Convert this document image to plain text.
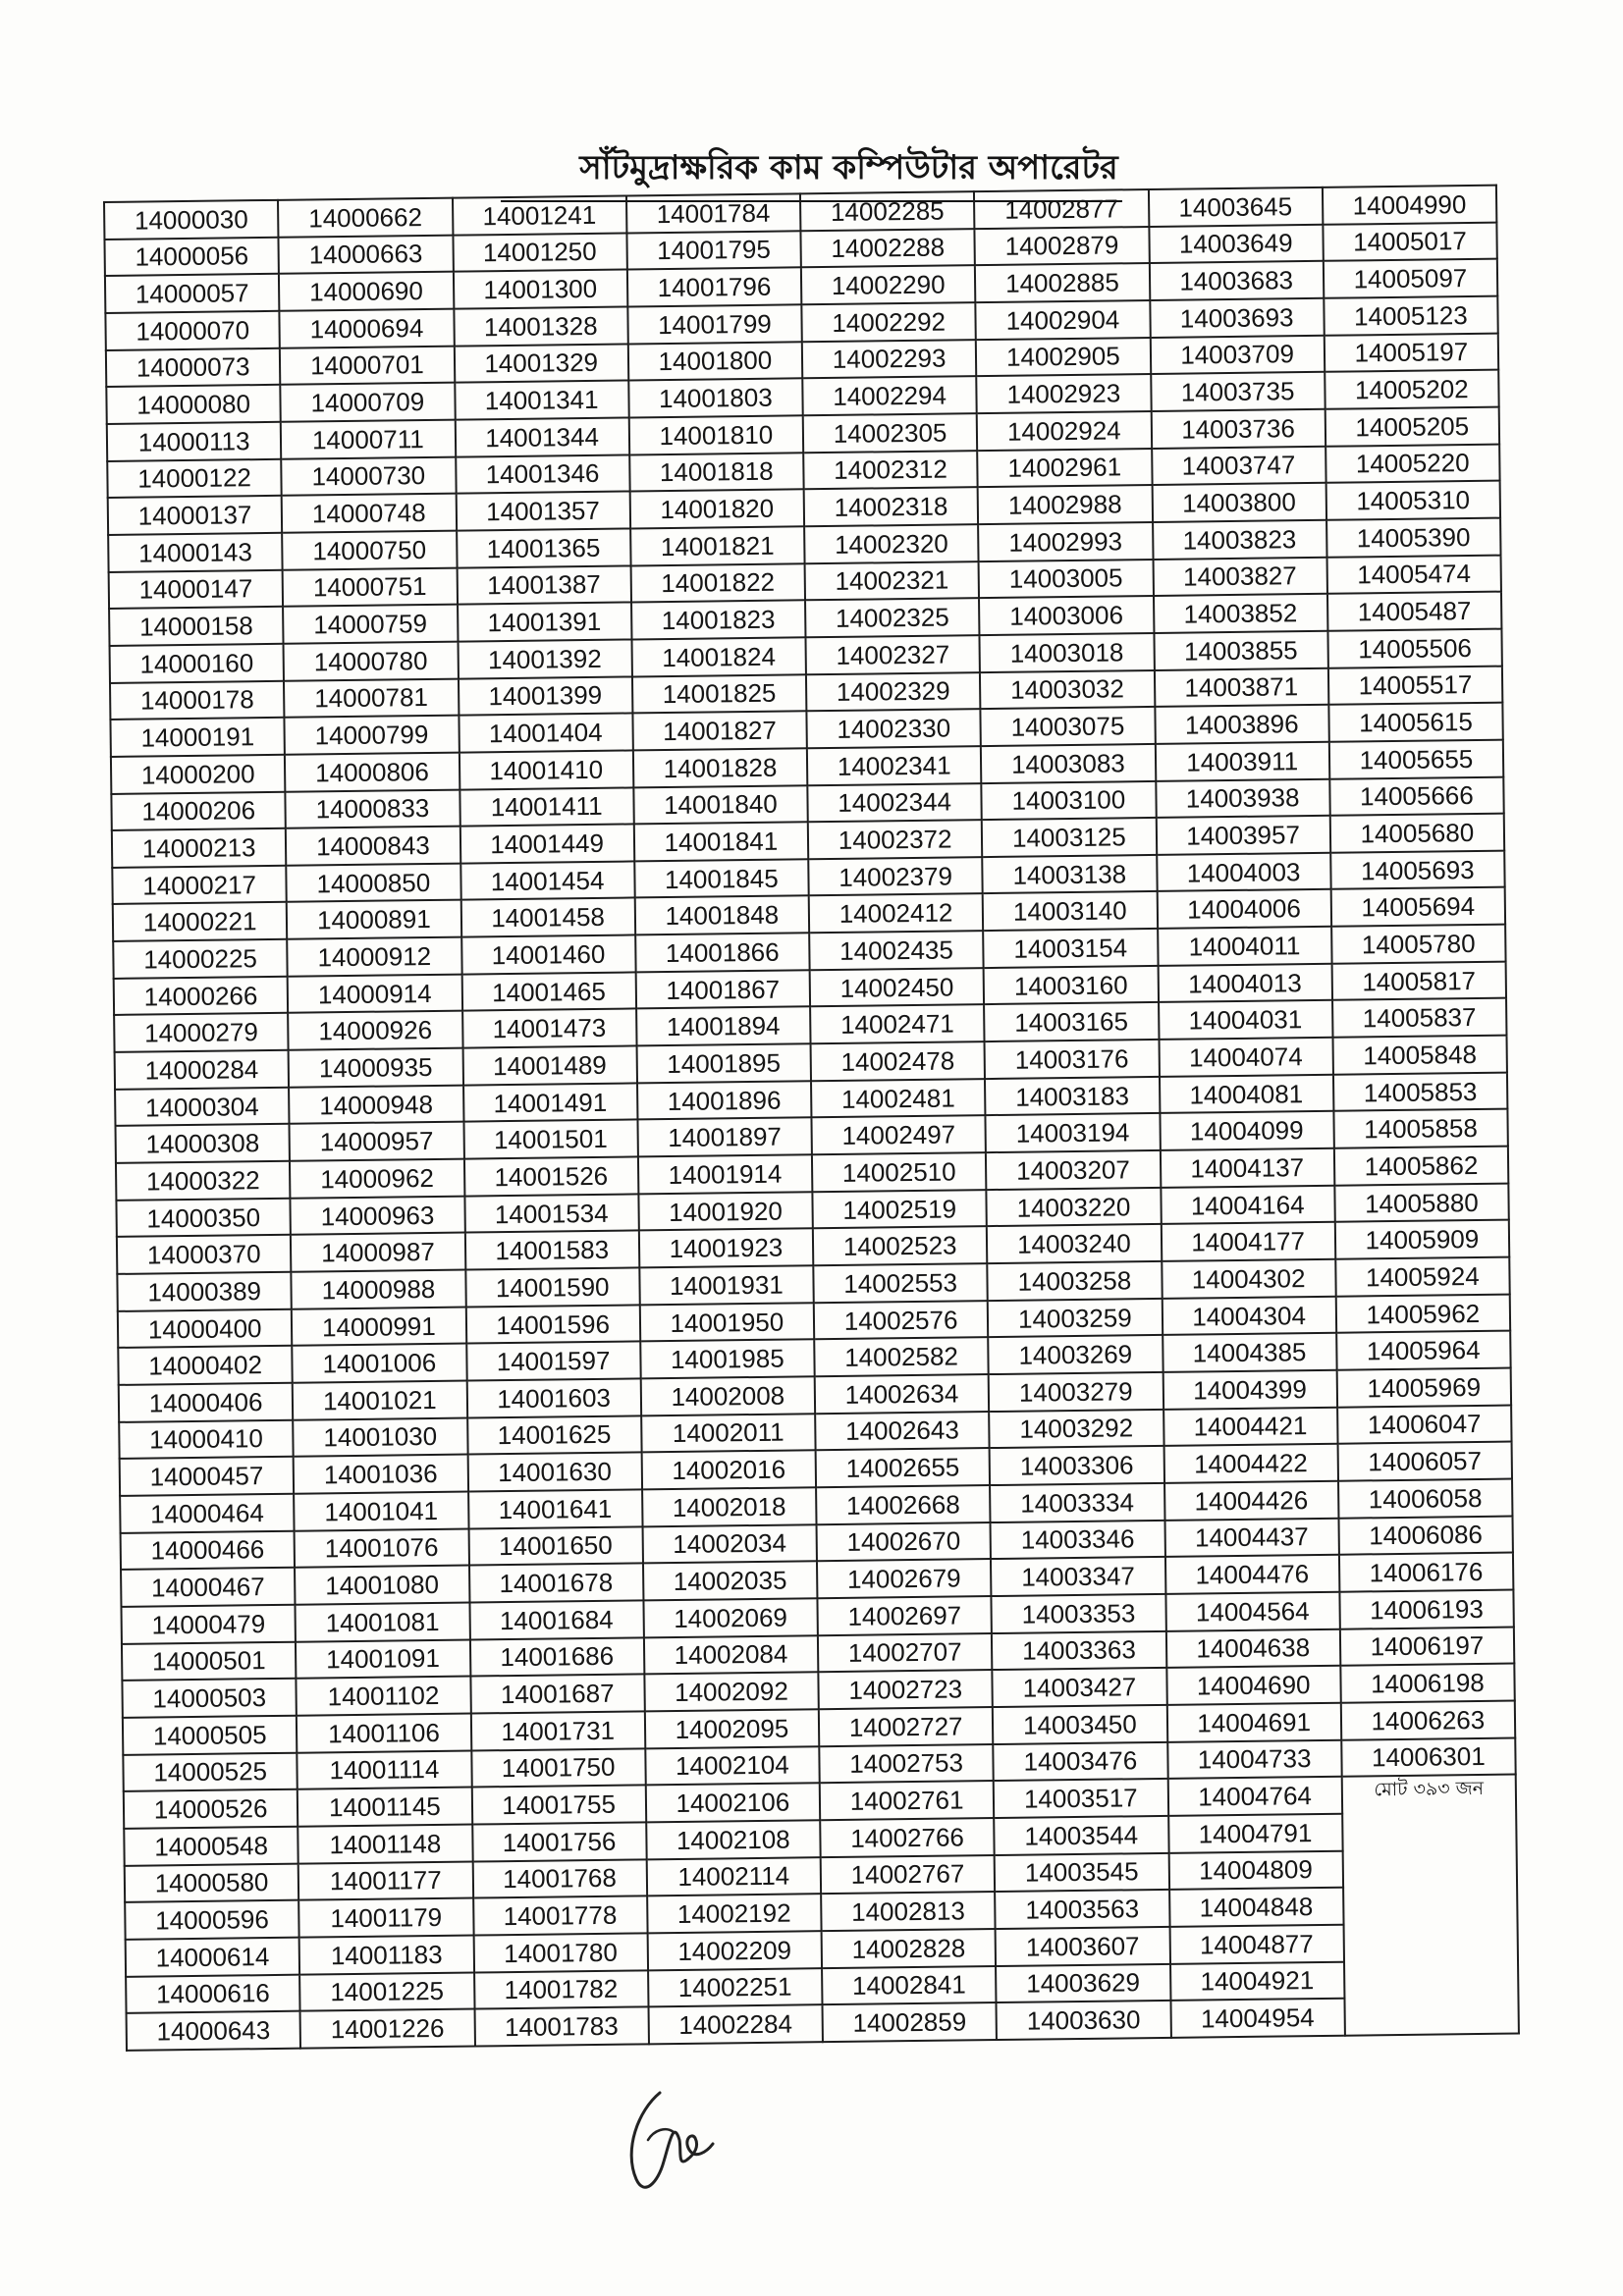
সাঁটমুদ্রাক্ষরিক কাম কম্পিউটার অপারেটর
14000030	14000662	14001241	14001784	14002285	14002877	14003645	14004990
14000056	14000663	14001250	14001795	14002288	14002879	14003649	14005017
14000057	14000690	14001300	14001796	14002290	14002885	14003683	14005097
14000070	14000694	14001328	14001799	14002292	14002904	14003693	14005123
14000073	14000701	14001329	14001800	14002293	14002905	14003709	14005197
14000080	14000709	14001341	14001803	14002294	14002923	14003735	14005202
14000113	14000711	14001344	14001810	14002305	14002924	14003736	14005205
14000122	14000730	14001346	14001818	14002312	14002961	14003747	14005220
14000137	14000748	14001357	14001820	14002318	14002988	14003800	14005310
14000143	14000750	14001365	14001821	14002320	14002993	14003823	14005390
14000147	14000751	14001387	14001822	14002321	14003005	14003827	14005474
14000158	14000759	14001391	14001823	14002325	14003006	14003852	14005487
14000160	14000780	14001392	14001824	14002327	14003018	14003855	14005506
14000178	14000781	14001399	14001825	14002329	14003032	14003871	14005517
14000191	14000799	14001404	14001827	14002330	14003075	14003896	14005615
14000200	14000806	14001410	14001828	14002341	14003083	14003911	14005655
14000206	14000833	14001411	14001840	14002344	14003100	14003938	14005666
14000213	14000843	14001449	14001841	14002372	14003125	14003957	14005680
14000217	14000850	14001454	14001845	14002379	14003138	14004003	14005693
14000221	14000891	14001458	14001848	14002412	14003140	14004006	14005694
14000225	14000912	14001460	14001866	14002435	14003154	14004011	14005780
14000266	14000914	14001465	14001867	14002450	14003160	14004013	14005817
14000279	14000926	14001473	14001894	14002471	14003165	14004031	14005837
14000284	14000935	14001489	14001895	14002478	14003176	14004074	14005848
14000304	14000948	14001491	14001896	14002481	14003183	14004081	14005853
14000308	14000957	14001501	14001897	14002497	14003194	14004099	14005858
14000322	14000962	14001526	14001914	14002510	14003207	14004137	14005862
14000350	14000963	14001534	14001920	14002519	14003220	14004164	14005880
14000370	14000987	14001583	14001923	14002523	14003240	14004177	14005909
14000389	14000988	14001590	14001931	14002553	14003258	14004302	14005924
14000400	14000991	14001596	14001950	14002576	14003259	14004304	14005962
14000402	14001006	14001597	14001985	14002582	14003269	14004385	14005964
14000406	14001021	14001603	14002008	14002634	14003279	14004399	14005969
14000410	14001030	14001625	14002011	14002643	14003292	14004421	14006047
14000457	14001036	14001630	14002016	14002655	14003306	14004422	14006057
14000464	14001041	14001641	14002018	14002668	14003334	14004426	14006058
14000466	14001076	14001650	14002034	14002670	14003346	14004437	14006086
14000467	14001080	14001678	14002035	14002679	14003347	14004476	14006176
14000479	14001081	14001684	14002069	14002697	14003353	14004564	14006193
14000501	14001091	14001686	14002084	14002707	14003363	14004638	14006197
14000503	14001102	14001687	14002092	14002723	14003427	14004690	14006198
14000505	14001106	14001731	14002095	14002727	14003450	14004691	14006263
14000525	14001114	14001750	14002104	14002753	14003476	14004733	14006301
14000526	14001145	14001755	14002106	14002761	14003517	14004764	মোট ৩৯৩ জন
14000548	14001148	14001756	14002108	14002766	14003544	14004791	
14000580	14001177	14001768	14002114	14002767	14003545	14004809	
14000596	14001179	14001778	14002192	14002813	14003563	14004848	
14000614	14001183	14001780	14002209	14002828	14003607	14004877	
14000616	14001225	14001782	14002251	14002841	14003629	14004921	
14000643	14001226	14001783	14002284	14002859	14003630	14004954	
